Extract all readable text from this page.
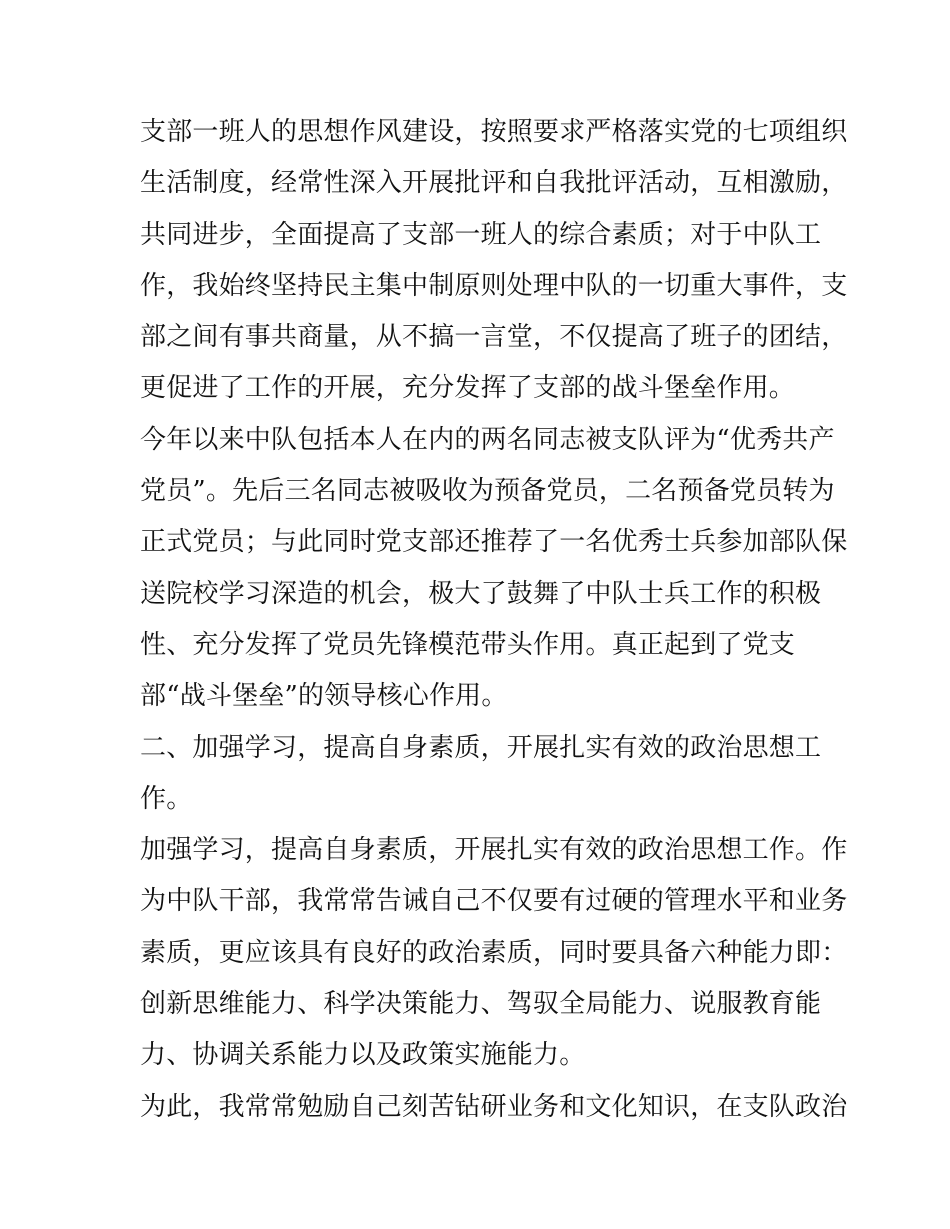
支部一班人的思想作风建设，按照要求严格落实党的七项组织
生活制度，经常性深入开展批评和自我批评活动，互相激励，
共同进步，全面提高了支部一班人的综合素质；对于中队工
作，我始终坚持民主集中制原则处理中队的一切重大事件，支
部之间有事共商量，从不搞一言堂，不仅提高了班子的团结，
更促进了工作的开展，充分发挥了支部的战斗堡垒作用。
今年以来中队包括本人在内的两名同志被支队评为“优秀共产
党员”。先后三名同志被吸收为预备党员，二名预备党员转为
正式党员；与此同时党支部还推荐了一名优秀士兵参加部队保
送院校学习深造的机会，极大了鼓舞了中队士兵工作的积极
性、充分发挥了党员先锋模范带头作用。真正起到了党支
部“战斗堡垒”的领导核心作用。
二、加强学习，提高自身素质，开展扎实有效的政治思想工
作。
加强学习，提高自身素质，开展扎实有效的政治思想工作。作
为中队干部，我常常告诫自己不仅要有过硬的管理水平和业务
素质，更应该具有良好的政治素质，同时要具备六种能力即：
创新思维能力、科学决策能力、驾驭全局能力、说服教育能
力、协调关系能力以及政策实施能力。
为此，我常常勉励自己刻苦钻研业务和文化知识，在支队政治
